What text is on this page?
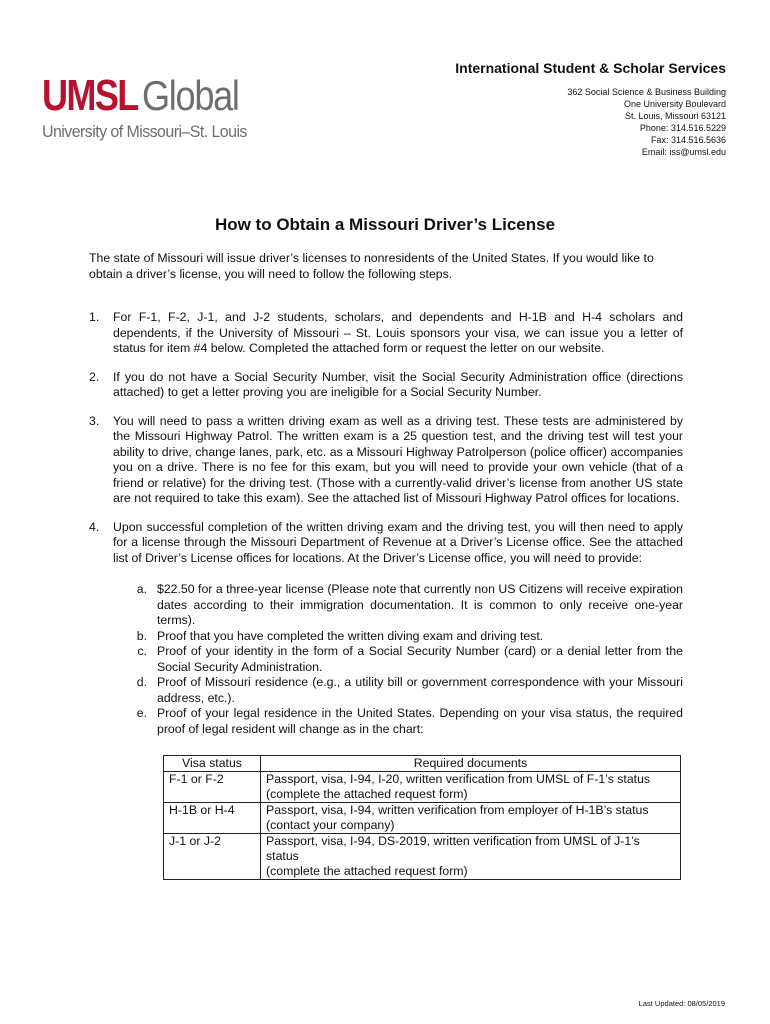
UMSL Global
University of Missouri–St. Louis
International Student & Scholar Services
362 Social Science & Business Building
One University Boulevard
St. Louis, Missouri 63121
Phone: 314.516.5229
Fax: 314.516.5636
Email: iss@umsl.edu
How to Obtain a Missouri Driver’s License
The state of Missouri will issue driver’s licenses to nonresidents of the United States. If you would like to obtain a driver’s license, you will need to follow the following steps.
1.	For F-1, F-2, J-1, and J-2 students, scholars, and dependents and H-1B and H-4 scholars and dependents, if the University of Missouri – St. Louis sponsors your visa, we can issue you a letter of status for item #4 below. Completed the attached form or request the letter on our website.
2.	If you do not have a Social Security Number, visit the Social Security Administration office (directions attached) to get a letter proving you are ineligible for a Social Security Number.
3.	You will need to pass a written driving exam as well as a driving test. These tests are administered by the Missouri Highway Patrol. The written exam is a 25 question test, and the driving test will test your ability to drive, change lanes, park, etc. as a Missouri Highway Patrolperson (police officer) accompanies you on a drive. There is no fee for this exam, but you will need to provide your own vehicle (that of a friend or relative) for the driving test. (Those with a currently-valid driver’s license from another US state are not required to take this exam). See the attached list of Missouri Highway Patrol offices for locations.
4.	Upon successful completion of the written driving exam and the driving test, you will then need to apply for a license through the Missouri Department of Revenue at a Driver’s License office. See the attached list of Driver’s License offices for locations. At the Driver’s License office, you will need to provide:
a. $22.50 for a three-year license (Please note that currently non US Citizens will receive expiration dates according to their immigration documentation. It is common to only receive one-year terms).
b. Proof that you have completed the written diving exam and driving test.
c. Proof of your identity in the form of a Social Security Number (card) or a denial letter from the Social Security Administration.
d. Proof of Missouri residence (e.g., a utility bill or government correspondence with your Missouri address, etc.).
e. Proof of your legal residence in the United States. Depending on your visa status, the required proof of legal resident will change as in the chart:
Visa status	Required documents
F-1 or F-2	Passport, visa, I-94, I-20, written verification from UMSL of F-1’s status
(complete the attached request form)

H-1B or H-4	Passport, visa, I-94, written verification from employer of H-1B’s status
(contact your company)

J-1 or J-2	Passport, visa, I-94, DS-2019, written verification from UMSL of J-1’s status
(complete the attached request form)
Last Updated: 08/05/2019
